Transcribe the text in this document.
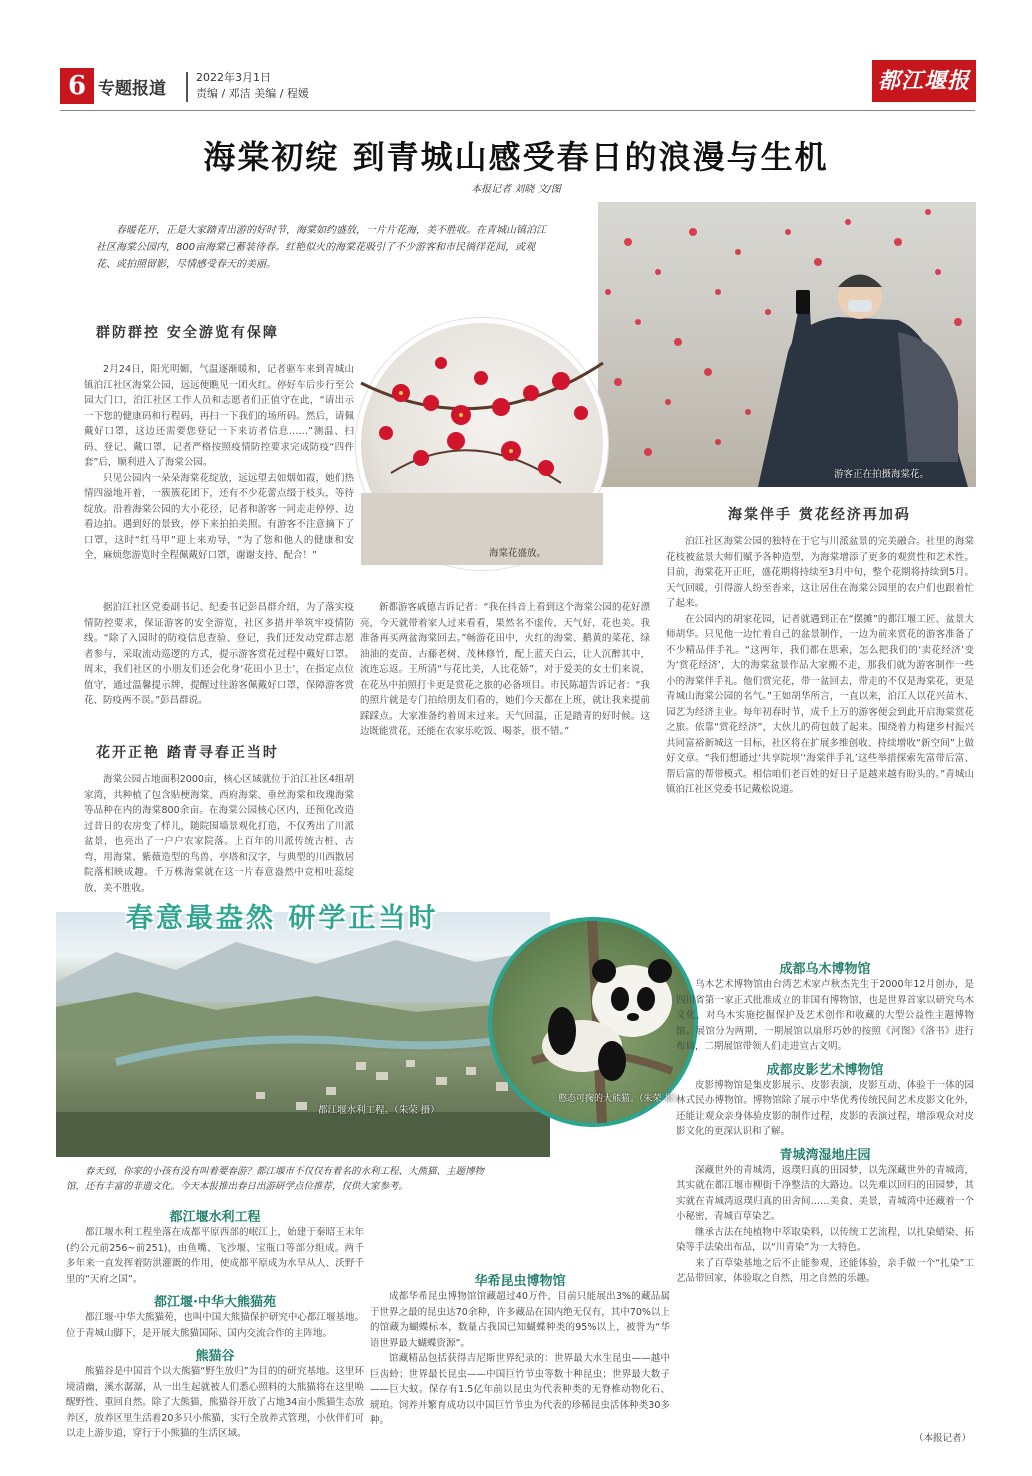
6 专题报道
2022年3月1日
责编 / 邓洁 美编 / 程媛	都江堰报
海棠初绽 到青城山感受春日的浪漫与生机
本报记者 刘晓 文/图
春暖花开，正是大家踏青出游的好时节，海棠如约盛放，一片片花海，美不胜收。在青城山镇泊江社区海棠公园内，800亩海棠已蓄装待春。红艳似火的海棠花吸引了不少游客和市民徜徉花间，或观花、或拍照留影，尽情感受春天的美丽。
游客正在拍摄海棠花。
海棠花盛放。
群防群控 安全游览有保障

2月24日，阳光明媚，气温逐渐暖和，记者驱车来到青城山镇泊江社区海棠公园，远远便瞧见一团火红。停好车后步行至公园大门口，泊江社区工作人员和志愿者们正值守在此，“请出示一下您的健康码和行程码，再扫一下我们的场所码。然后，请佩戴好口罩，这边还需要您登记一下来访者信息……”测温、扫码、登记、戴口罩，记者严格按照疫情防控要求完成防疫“四件套”后，顺利进入了海棠公园。

只见公园内一朵朵海棠花绽放，远远望去如烟如霞，她们热情四溢地开着，一簇簇花团下，还有不少花蕾点缀于枝头，等待绽放。沿着海棠公园的大小花径，记者和游客一同走走停停、边看边拍。遇到好的景致，停下来拍拍美照。有游客不注意摘下了口罩，这时“红马甲”迎上来劝导，“为了您和他人的健康和安全，麻烦您游览时全程佩戴好口罩，谢谢支持、配合！”

据泊江社区党委副书记、纪委书记彭昌群介绍，为了落实疫情防控要求，保证游客的安全游览，社区多措并举筑牢疫情防线。“除了入园时的防疫信息查验、登记，我们还发动党群志愿者参与，采取流动巡逻的方式，提示游客赏花过程中戴好口罩。周末，我们社区的小朋友们还会化身‘花田小卫士’，在指定点位值守，通过温馨提示牌，提醒过往游客佩戴好口罩，保障游客赏花、防疫两不误。”彭昌群说。

花开正艳 踏青寻春正当时

海棠公园占地面积2000亩，核心区域就位于泊江社区4组胡家湾，共种植了包含贴梗海棠、西府海棠、垂丝海棠和玫瑰海棠等品种在内的海棠800余亩。在海棠公园核心区内，还预化改造过昔日的农房变了样儿，随院围墙景观化打造，不仅秀出了川派盆景，也亮出了一户户农家院落。上百年的川派传统古桩、古弯，用海棠、紫薇造型的鸟兽、亭塔和汉字，与典型的川西散居院落相映成趣。千万株海棠就在这一片春意盎然中竞相吐蕊绽放，美不胜收。

新都游客戚德吉诉记者：“我在抖音上看到这个海棠公园的花好漂亮，今天就带着家人过来看看，果然名不虚传，天气好，花也美。我准备再买两盆海棠回去。”畅游花田中，火红的海棠、鹅黄的菜花、绿油油的麦苗、古藤老树、茂林修竹，配上蓝天白云，让人沉醉其中，流连忘返。王所清“与花比美，人比花娇”，对于爱美的女士们来说，在花丛中拍照打卡更是赏花之旅的必备项目。市民陈超告诉记者：“我的照片就是专门拍给朋友们看的，她们今天都在上班，就让我来提前踩踩点。大家准备约着周末过来。天气回温，正是踏青的好时候。这边既能赏花，还能在农家乐吃饭、喝茶，很不错。”

海棠伴手 赏花经济再加码

泊江社区海棠公园的独特在于它与川派盆景的完美融合。社里的海棠花枝被盆景大师们赋予各种造型，为海棠增添了更多的观赏性和艺术性。目前，海棠花开正旺，盛花期将持续至3月中旬，整个花期将持续到5月。天气回暖，引得游人纷至沓来，这让居住在海棠公园里的农户们也跟着忙了起来。

在公园内的胡家花园，记者就遇到正在“摆摊”的都江堰工匠、盆景大师胡华。只见他一边忙着自己的盆景制作，一边为前来赏花的游客准备了不少精品伴手礼。“这两年，我们都在思索，怎么把我们的‘卖花经济’变为‘赏花经济’，大的海棠盆景作品大家搬不走，那我们就为游客制作一些小的海棠伴手礼。他们赏完花，带一盆回去，带走的不仅是海棠花，更是青城山海棠公园的名气。”王如胡华所言，一直以来，泊江人以花兴苗木、园艺为经济主业。每年初春时节，成千上万的游客便会到此开启海棠赏花之旅。依靠“赏花经济”，大伙儿的荷包鼓了起来。围绕着力构建乡村振兴共同富裕新城这一目标，社区将在扩展多维创收、持续增收“新空间”上做好文章。“我们想通过‘共享院坝’‘海棠伴手礼’这些举措探索先富带后富、帮后富的帮带模式。相信咱们老百姓的好日子是越来越有盼头的。”青城山镇泊江社区党委书记戴松说道。

都江堰水利工程。（朱荣 摄）
春意最盎然 研学正当时
憨态可掬的大熊猫。（朱荣 摄）
春天到，你家的小孩有没有叫着要春游？都江堰市不仅仅有着名的水利工程、大熊猫、主题博物馆，还有丰富的非遗文化。今天本报推出春日出游研学点位推荐，仅供大家参考。
都江堰水利工程

都江堰水利工程坐落在成都平原西部的岷江上，始建于秦昭王末年(约公元前256~前251)，由鱼嘴、飞沙堰、宝瓶口等部分组成。两千多年来一直发挥着防洪灌溉的作用，使成都平原成为水旱从人、沃野千里的“天府之国”。

都江堰·中华大熊猫苑

都江堰·中华大熊猫苑，也叫中国大熊猫保护研究中心都江堰基地。位于青城山脚下，是开展大熊猫国际、国内交流合作的主阵地。

熊猫谷

熊猫谷是中国首个以大熊猫“野生放归”为目的的研究基地。这里环境清幽，溪水潺潺，从一出生起就被人们悉心照料的大熊猫将在这里唤醒野性、重回自然。除了大熊猫，熊猫谷开放了占地34亩小熊猫生态放养区，放养区里生活着20多只小熊猫，实行全放养式管理，小伙伴们可以走上游步道，穿行于小熊猫的生活区域。

华希昆虫博物馆

成都华希昆虫博物馆馆藏超过40万件，目前只能展出3%的藏品属于世界之最的昆虫达70余种，许多藏品在国内绝无仅有，其中70%以上的馆藏为蝴蝶标本，数量占我国已知蝴蝶种类的95%以上，被誉为“华语世界最大蝴蝶资源”。

馆藏精品包括获得吉尼斯世界纪录的：世界最大水生昆虫——越中巨齿蛉；世界最长昆虫——中国巨竹节虫等数十种昆虫；世界最大数子——巨大蚊。保存有1.5亿年前以昆虫为代表种类的无脊椎动物化石、琥珀。饲养并繁育成功以中国巨竹节虫为代表的珍稀昆虫活体种类30多种。

成都乌木博物馆

乌木艺术博物馆由台湾艺术家卢秋杰先生于2000年12月创办，是四川省第一家正式批准成立的非国有博物馆，也是世界首家以研究乌木文化、对乌木实施挖掘保护及艺术创作和收藏的大型公益性主题博物馆。展馆分为两期，一期展馆以扇形巧妙的按照《河图》《洛书》进行布局，二期展馆带领人们走进宣古文明。

成都皮影艺术博物馆

皮影博物馆是集皮影展示、皮影表演，皮影互动、体验于一体的园林式民办博物馆。博物馆除了展示中华优秀传统民间艺术皮影文化外，还能让观众亲身体验皮影的制作过程，皮影的表演过程，增添观众对皮影文化的更深认识和了解。

青城湾湿地庄园

深藏世外的青城湾，返璞归真的田园梦，以先深藏世外的青城湾，其实就在都江堰市柳街千净整洁的大路边。以先难以回归的田园梦，其实就在青城湾返璞归真的田舍间……美食、美景，青城湾中还藏着一个小秘密，青城百草染艺。

继承古法在纯植物中萃取染料，以传统工艺流程，以扎染蜡染、拓染等手法染出布品，以“川青染”为一大特色。

来了百草染基地之后不止能参观，还能体验，亲手做一个“扎染”工艺品带回家，体验取之自然，用之自然的乐趣。

（本报记者）
